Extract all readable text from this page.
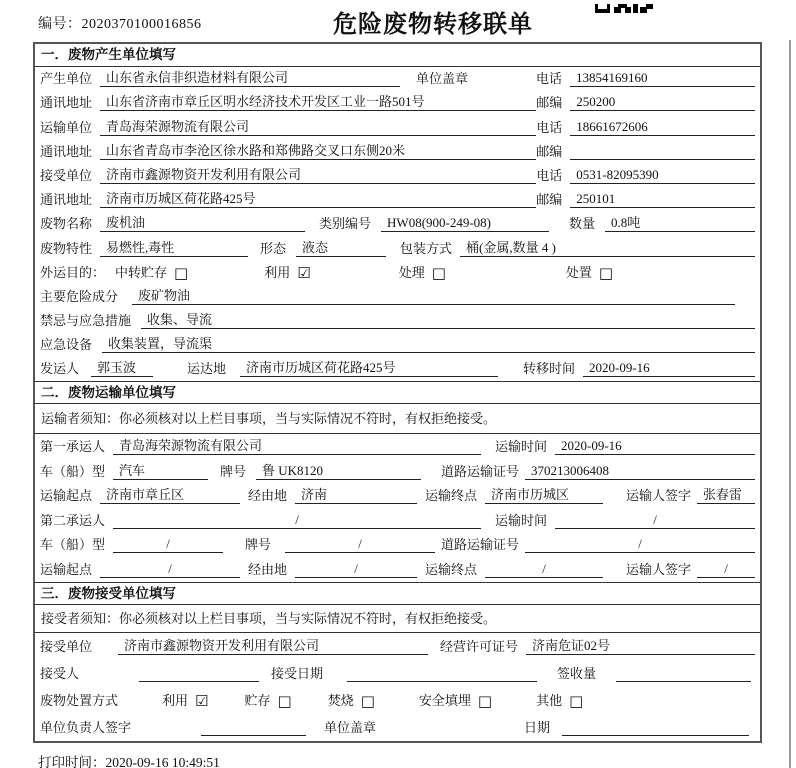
编号：2020370100016856	危险废物转移联单
一．废物产生单位填写
产生单位	山东省永信非织造材料有限公司	单位盖章	电话	13854169160
通讯地址	山东省济南市章丘区明水经济技术开发区工业一路501号	邮编	250200
运输单位	青岛海荣源物流有限公司	电话	18661672606
通讯地址	山东省青岛市李沧区徐水路和郑佛路交叉口东侧20米	邮编
接受单位	济南市鑫源物资开发利用有限公司	电话	0531-82095390
通讯地址	济南市历城区荷花路425号	邮编	250101
废物名称	废机油	类别编号	HW08(900-249-08)	数量	0.8吨
废物特性	易燃性,毒性	形态	液态	包装方式	桶(金属,数量 4 )
外运目的： 中转贮存 □	利用 ☑	处理 □	处置 □
主要危险成分	废矿物油
禁忌与应急措施	收集、导流
应急设备	收集装置，导流渠
发运人	郭玉波	运达地	济南市历城区荷花路425号	转移时间	2020-09-16
二．废物运输单位填写
运输者须知：你必须核对以上栏目事项，当与实际情况不符时，有权拒绝接受。
第一承运人	青岛海荣源物流有限公司	运输时间	2020-09-16
车（船）型	汽车	牌号	鲁 UK8120	道路运输证号 370213006408
运输起点	济南市章丘区	经由地	济南	运输终点	济南市历城区	运输人签字 张春雷
第二承运人	/	运输时间	/
车（船）型	/	牌号	/	道路运输证号	/
运输起点	/	经由地	/	运输终点	/	运输人签字	/
三．废物接受单位填写
接受者须知：你必须核对以上栏目事项，当与实际情况不符时，有权拒绝接受。
接受单位	济南市鑫源物资开发利用有限公司	经营许可证号	济南危证02号
接受人	接受日期	签收量
废物处置方式	利用 ☑	贮存 □	焚烧 □	安全填埋 □	其他 □
单位负责人签字	单位盖章	日期
打印时间：2020-09-16 10:49:51
